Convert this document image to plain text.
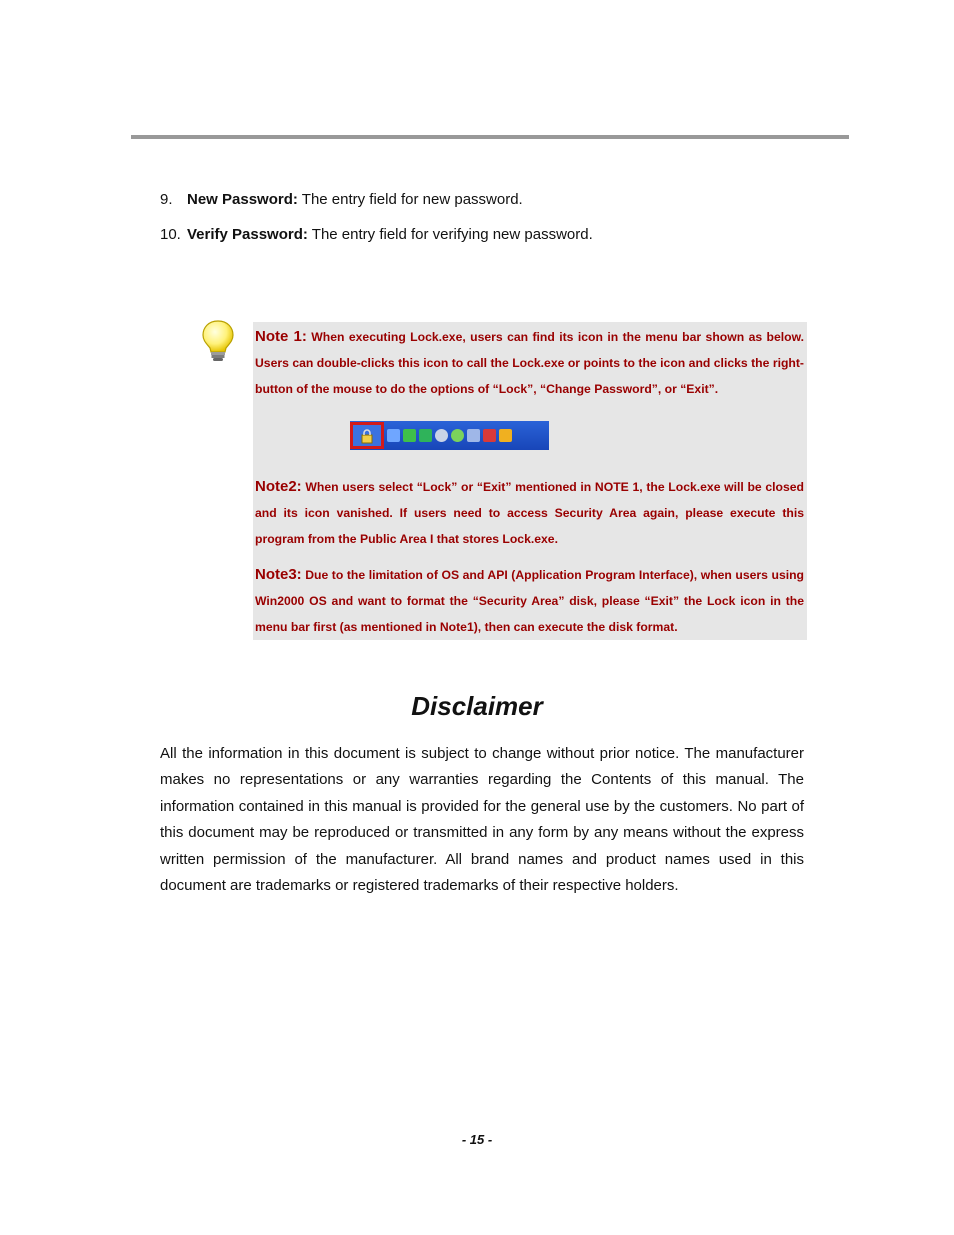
9. New Password: The entry field for new password.
10. Verify Password: The entry field for verifying new password.
Note 1: When executing Lock.exe, users can find its icon in the menu bar shown as below. Users can double-clicks this icon to call the Lock.exe or points to the icon and clicks the right-button of the mouse to do the options of “Lock”, “Change Password”, or “Exit”.
Note2: When users select “Lock” or “Exit” mentioned in NOTE 1, the Lock.exe will be closed and its icon vanished. If users need to access Security Area again, please execute this program from the Public Area I that stores Lock.exe.
Note3: Due to the limitation of OS and API (Application Program Interface), when users using Win2000 OS and want to format the “Security Area” disk, please “Exit” the Lock icon in the menu bar first (as mentioned in Note1), then can execute the disk format.
Disclaimer
All the information in this document is subject to change without prior notice. The manufacturer makes no representations or any warranties regarding the Contents of this manual. The information contained in this manual is provided for the general use by the customers. No part of this document may be reproduced or transmitted in any form by any means without the express written permission of the manufacturer. All brand names and product names used in this document are trademarks or registered trademarks of their respective holders.
- 15 -
